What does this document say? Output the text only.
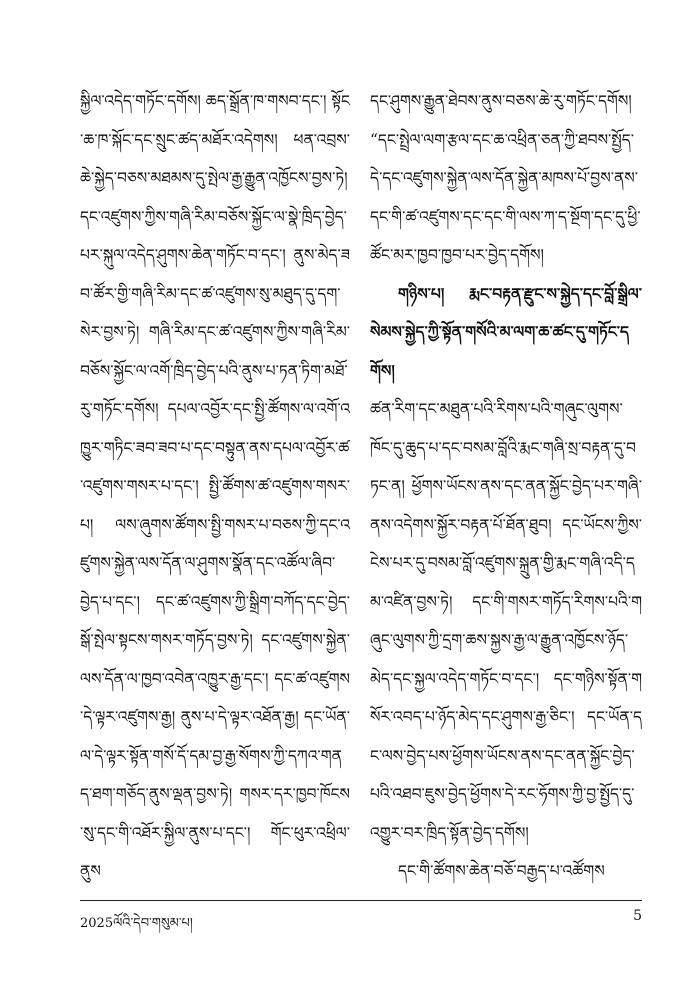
སྐྱིལ་འདེད་གཏོང་དགོས། ཆད་སྒྲོན་ཁ་གསབ་དང་། སྟོང་ཆ་ཁ་སྐོང་དང་སྲུང་ཚད་མཐོར་འདེགས། ཕན་འབྲས་ཆེ་སྐྱེད་བཅས་མཐམས་དུ་སྤེལ་རྒྱ་རྒྱུན་འཁྱོངས་བྱས་ཏེ། དང་འཛུགས་ཀྱིས་གཞི་རིམ་བཅོས་སྐྱོང་ལ་སྣེ་ཁྲིད་བྱེད་པར་སྐུལ་འདེད་ཤུགས་ཆེན་གཏོང་བ་དང་། ནུས་མེད་ཟབ་ཚོར་གྱི་གཞི་རིམ་དང་ཚ་འཛུགས་སུ་མཐུད་དུ་དག་སེར་བྱས་ཏེ། གཞི་རིམ་དང་ཚ་འཛུགས་ཀྱིས་གཞི་རིམ་བཅོས་སྐྱོང་ལ་འགོ་ཁྲིད་བྱེད་པའི་ནུས་པ་ཏན་ཏིག་མཐོ་རུ་གཏོང་དགོས། དཔལ་འབྱོར་དང་སྤྱི་ཚོགས་ལ་འགོ་འཁྱུར་གཏིང་ཟབ་ཟབ་པ་དང་བསྟུན་ནས་དཔལ་འབྱོར་ཚ་འཛུགས་གསར་པ་དང་། སྤྱི་ཚོགས་ཚ་འཛུགས་གསར་པ། ལས་ཞུགས་ཚོགས་སྤྱི་གསར་པ་བཅས་ཀྱི་དང་འཛུགས་སྐྱེན་ལས་དོན་ལ་ཤུགས་སྣོན་དང་འཚོལ་ཞིབ་བྱེད་པ་དང་། དང་ཚ་འཛུགས་ཀྱི་སྒྲིག་བཀོད་དང་བྱེད་སྒོ་སྤེལ་སྟངས་གསར་གཏོད་བྱས་ཏེ། དང་འཛུགས་སྐྱེན་ལས་དོན་ལ་ཁྱབ་འབེན་འཁྱུར་རྒྱ་དང་། དང་ཚ་འཛུགས་དེ་ལྟར་འཛུགས་རྒྱ། ནུས་པ་དེ་ལྟར་འཐོན་རྒྱ། དང་ཡོན་ལ་དེ་ལྟར་སྟོན་གསོ་དོ་དམ་བྱ་རྒྱ་སོགས་ཀྱི་དཀའ་གནད་ཐག་གཅོད་ནུས་ལྡན་བྱས་ཏེ། གསར་དར་ཁྱབ་ཁོངས་སུ་དང་གི་འཐོར་སྐྱིལ་ནུས་པ་དང་། གོང་ཕུར་འཕྲིལ་ནུས

དང་ཤུགས་རྒྱུན་ཐེབས་ནུས་བཅས་ཆེ་རུ་གཏོང་དགོས། “དང་སྤྲེལ་ལག་རྩལ་དང་ཆ་འཕྲིན་ཅན་ཀྱི་ཐབས་སྤྱོད་དེ་དང་འཛུགས་སྐྱེན་ལས་དོན་སྐྱེན་མཁས་པོ་བྱས་ནས་དང་གི་ཚ་འཛུགས་དང་དང་གི་ལས་ཀ་ད་སྔོག་དང་དུ་ཕྱི་ཚོང་མར་ཁྱབ་ཁྱབ་པར་བྱེད་དགོས།

གཉིས་པ། རྨང་བརྟན་རྫུང་ས་སྐྱེད་དང་བློ་སྒྲིལ་སེམས་སྐྱེད་ཀྱི་སྟོན་གསོའི་མ་ལག་ཆ་ཚང་དུ་གཏོང་དགོས།

ཚན་རིག་དང་མཐུན་པའི་རིགས་པའི་གཞུང་ལུགས་ཁོང་དུ་ཆུད་པ་དང་བསམ་བློའི་རྨང་གཞི་སྲ་བརྟན་དུ་བཏང་ན། ཕྱོགས་ཡོངས་ནས་དང་ནན་སྐྱོང་བྱེད་པར་གཞི་ནས་འདེགས་སྐྱོར་བརྟན་པོ་ཐོན་ཐུབ། དང་ཡོངས་ཀྱིས་ངེས་པར་དུ་བསམ་བློ་འཛུགས་སྐྲུན་གྱི་རྨང་གཞི་འདི་དམ་འཛིན་བྱས་ཏེ། དང་གི་གསར་གཏོད་རིགས་པའི་གཞུང་ལུགས་ཀྱི་དྲག་ཆས་སྐྱས་རྒྱ་ལ་རྒྱུན་འཁྱོངས་ཉོད་མེད་དང་སྐྱལ་འདེད་གཏོང་བ་དང་། དང་གཉིས་སྟོན་གསོར་འབད་པ་ཉོད་མེད་དང་ཤུགས་རྒྱ་ཅིང་། དང་ཡོན་དང་ལས་བྱེད་པས་ཕྱོགས་ཡོངས་ནས་དང་ནན་སྐྱོང་བྱེད་པའི་འཐབ་ཇུས་བྱེད་ཕྱོགས་དེ་རང་ཧོགས་ཀྱི་བྱ་སྤྱོད་དུ་འགྱུར་བར་ཁྲིད་སྟོན་བྱེད་དགོས།

དང་གི་ཚོགས་ཆེན་བཅོ་བརྒྱད་པ་འཚོགས

2025ལོའི་དེབ་གསུམ་པ།	5
